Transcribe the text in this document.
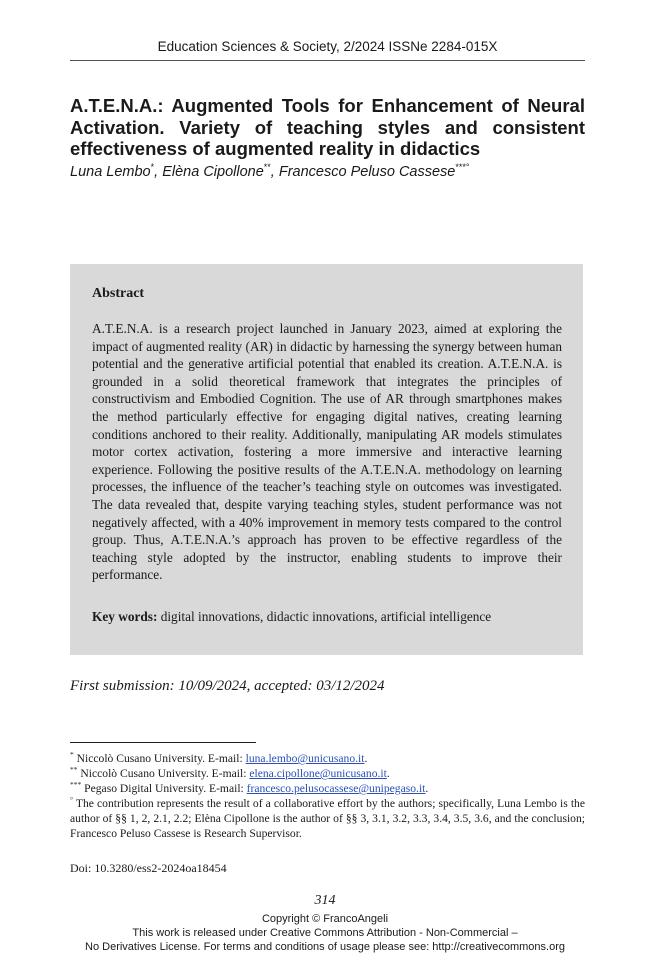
Education Sciences & Society, 2/2024 ISSNe 2284-015X
A.T.E.N.A.: Augmented Tools for Enhancement of Neural
Activation. Variety of teaching styles and consistent
effectiveness of augmented reality in didactics
Luna Lembo*, Elèna Cipollone**, Francesco Peluso Cassese***°
Abstract
A.T.E.N.A. is a research project launched in January 2023, aimed at exploring the impact of augmented reality (AR) in didactic by harnessing the synergy between human potential and the generative artificial potential that enabled its creation. A.T.E.N.A. is grounded in a solid theoretical framework that integrates the principles of constructivism and Embodied Cognition. The use of AR through smartphones makes the method particularly effective for engaging digital natives, creating learning conditions anchored to their reality. Additionally, manipulating AR models stimulates motor cortex activation, fostering a more immersive and interactive learning experience. Following the positive results of the A.T.E.N.A. methodology on learning processes, the influence of the teacher’s teaching style on outcomes was investigated. The data revealed that, despite varying teaching styles, student performance was not negatively affected, with a 40% improvement in memory tests compared to the control group. Thus, A.T.E.N.A.’s approach has proven to be effective regardless of the teaching style adopted by the instructor, enabling students to improve their performance.
Key words: digital innovations, didactic innovations, artificial intelligence
First submission: 10/09/2024, accepted: 03/12/2024
* Niccolò Cusano University. E-mail: luna.lembo@unicusano.it.
** Niccolò Cusano University. E-mail: elena.cipollone@unicusano.it.
*** Pegaso Digital University. E-mail: francesco.pelusocassese@unipegaso.it.
° The contribution represents the result of a collaborative effort by the authors; specifically, Luna Lembo is the author of §§ 1, 2, 2.1, 2.2; Elèna Cipollone is the author of §§ 3, 3.1, 3.2, 3.3, 3.4, 3.5, 3.6, and the conclusion; Francesco Peluso Cassese is Research Supervisor.
Doi: 10.3280/ess2-2024oa18454
314
Copyright © FrancoAngeli
This work is released under Creative Commons Attribution - Non-Commercial –
No Derivatives License. For terms and conditions of usage please see: http://creativecommons.org
